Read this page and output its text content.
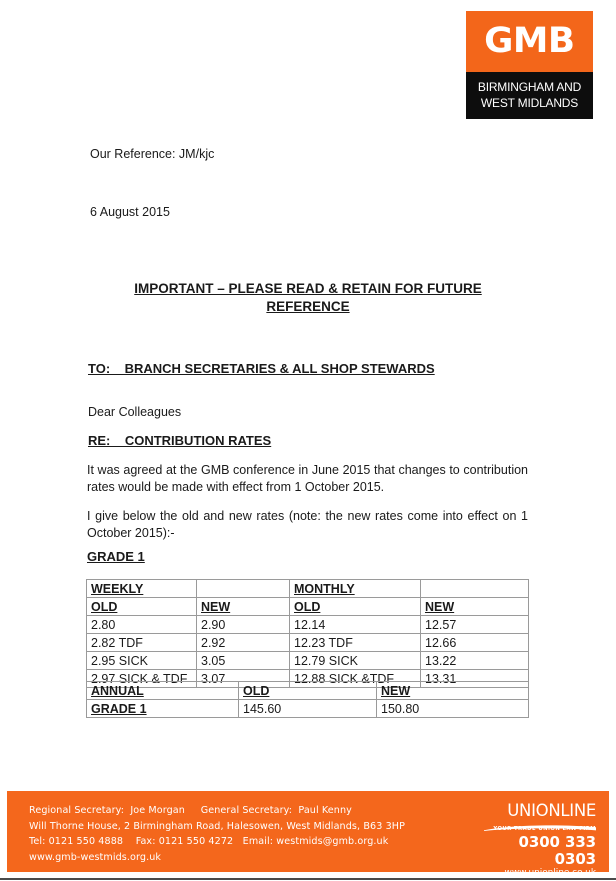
GMB
BIRMINGHAM AND
WEST MIDLANDS
Our Reference: JM/kjc
6 August 2015
IMPORTANT – PLEASE READ & RETAIN FOR FUTURE
REFERENCE
TO:    BRANCH SECRETARIES & ALL SHOP STEWARDS
Dear Colleagues
RE:    CONTRIBUTION RATES
It was agreed at the GMB conference in June 2015 that changes to contribution rates would be made with effect from 1 October 2015.
I give below the old and new rates (note: the new rates come into effect on 1 October 2015):-
GRADE 1
WEEKLY		MONTHLY	
OLD	NEW	OLD	NEW
2.80	2.90	12.14	12.57
2.82 TDF	2.92	12.23 TDF	12.66
2.95 SICK	3.05	12.79 SICK	13.22
2.97 SICK & TDF	3.07	12.88 SICK &TDF	13.31
ANNUAL	OLD	NEW
GRADE 1	145.60	150.80
Regional Secretary:  Joe Morgan     General Secretary:  Paul Kenny
Will Thorne House, 2 Birmingham Road, Halesowen, West Midlands, B63 3HP
Tel: 0121 550 4888    Fax: 0121 550 4272   Email: westmids@gmb.org.uk
www.gmb-westmids.org.uk
UNIONLINE
YOUR TRADE UNION LAW FIRM
0300 333 0303
www.unionline.co.uk
